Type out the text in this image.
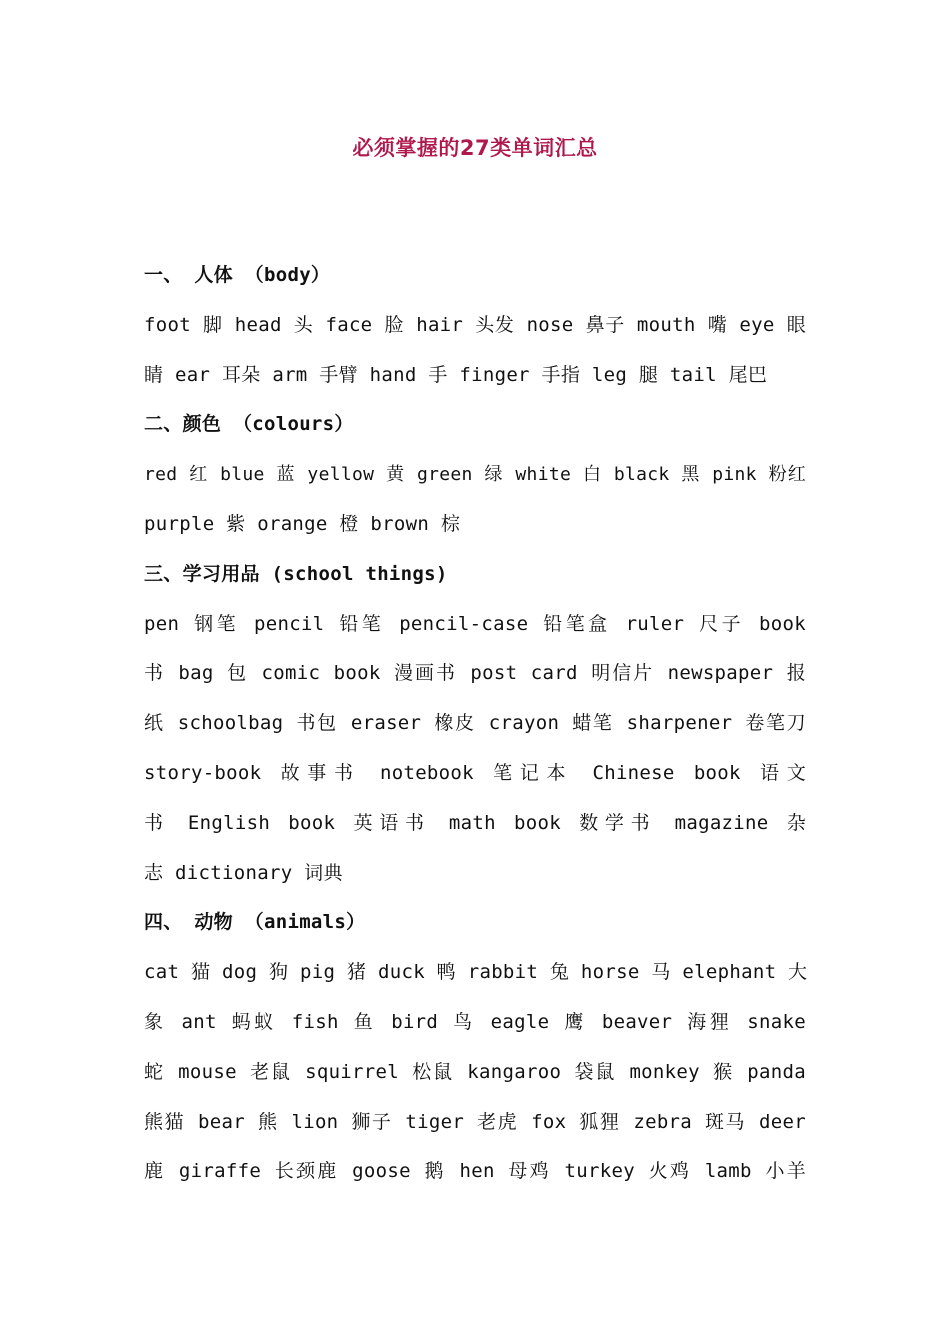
必须掌握的27类单词汇总
一、 人体 （body）
foot 脚 head 头 face 脸 hair 头发 nose 鼻子 mouth 嘴 eye 眼
睛 ear 耳朵 arm 手臂 hand 手 finger 手指 leg 腿 tail 尾巴
二、颜色 （colours）
red 红 blue 蓝 yellow 黄 green 绿 white 白 black 黑 pink 粉红
purple 紫 orange 橙 brown 棕
三、学习用品 (school things)
pen 钢笔 pencil 铅笔 pencil-case 铅笔盒 ruler 尺子 book
书 bag 包 comic book 漫画书 post card 明信片 newspaper 报
纸 schoolbag 书包 eraser 橡皮 crayon 蜡笔 sharpener 卷笔刀
story-book 故事书 notebook 笔记本 Chinese book 语文
书 English book 英语书 math book 数学书 magazine 杂
志 dictionary 词典
四、 动物 （animals）
cat 猫 dog 狗 pig 猪 duck 鸭 rabbit 兔 horse 马 elephant 大
象 ant 蚂蚁 fish 鱼 bird 鸟 eagle 鹰 beaver 海狸 snake
蛇 mouse 老鼠 squirrel 松鼠 kangaroo 袋鼠 monkey 猴 panda
熊猫 bear 熊 lion 狮子 tiger 老虎 fox 狐狸 zebra 斑马 deer
鹿 giraffe 长颈鹿 goose 鹅 hen 母鸡 turkey 火鸡 lamb 小羊
